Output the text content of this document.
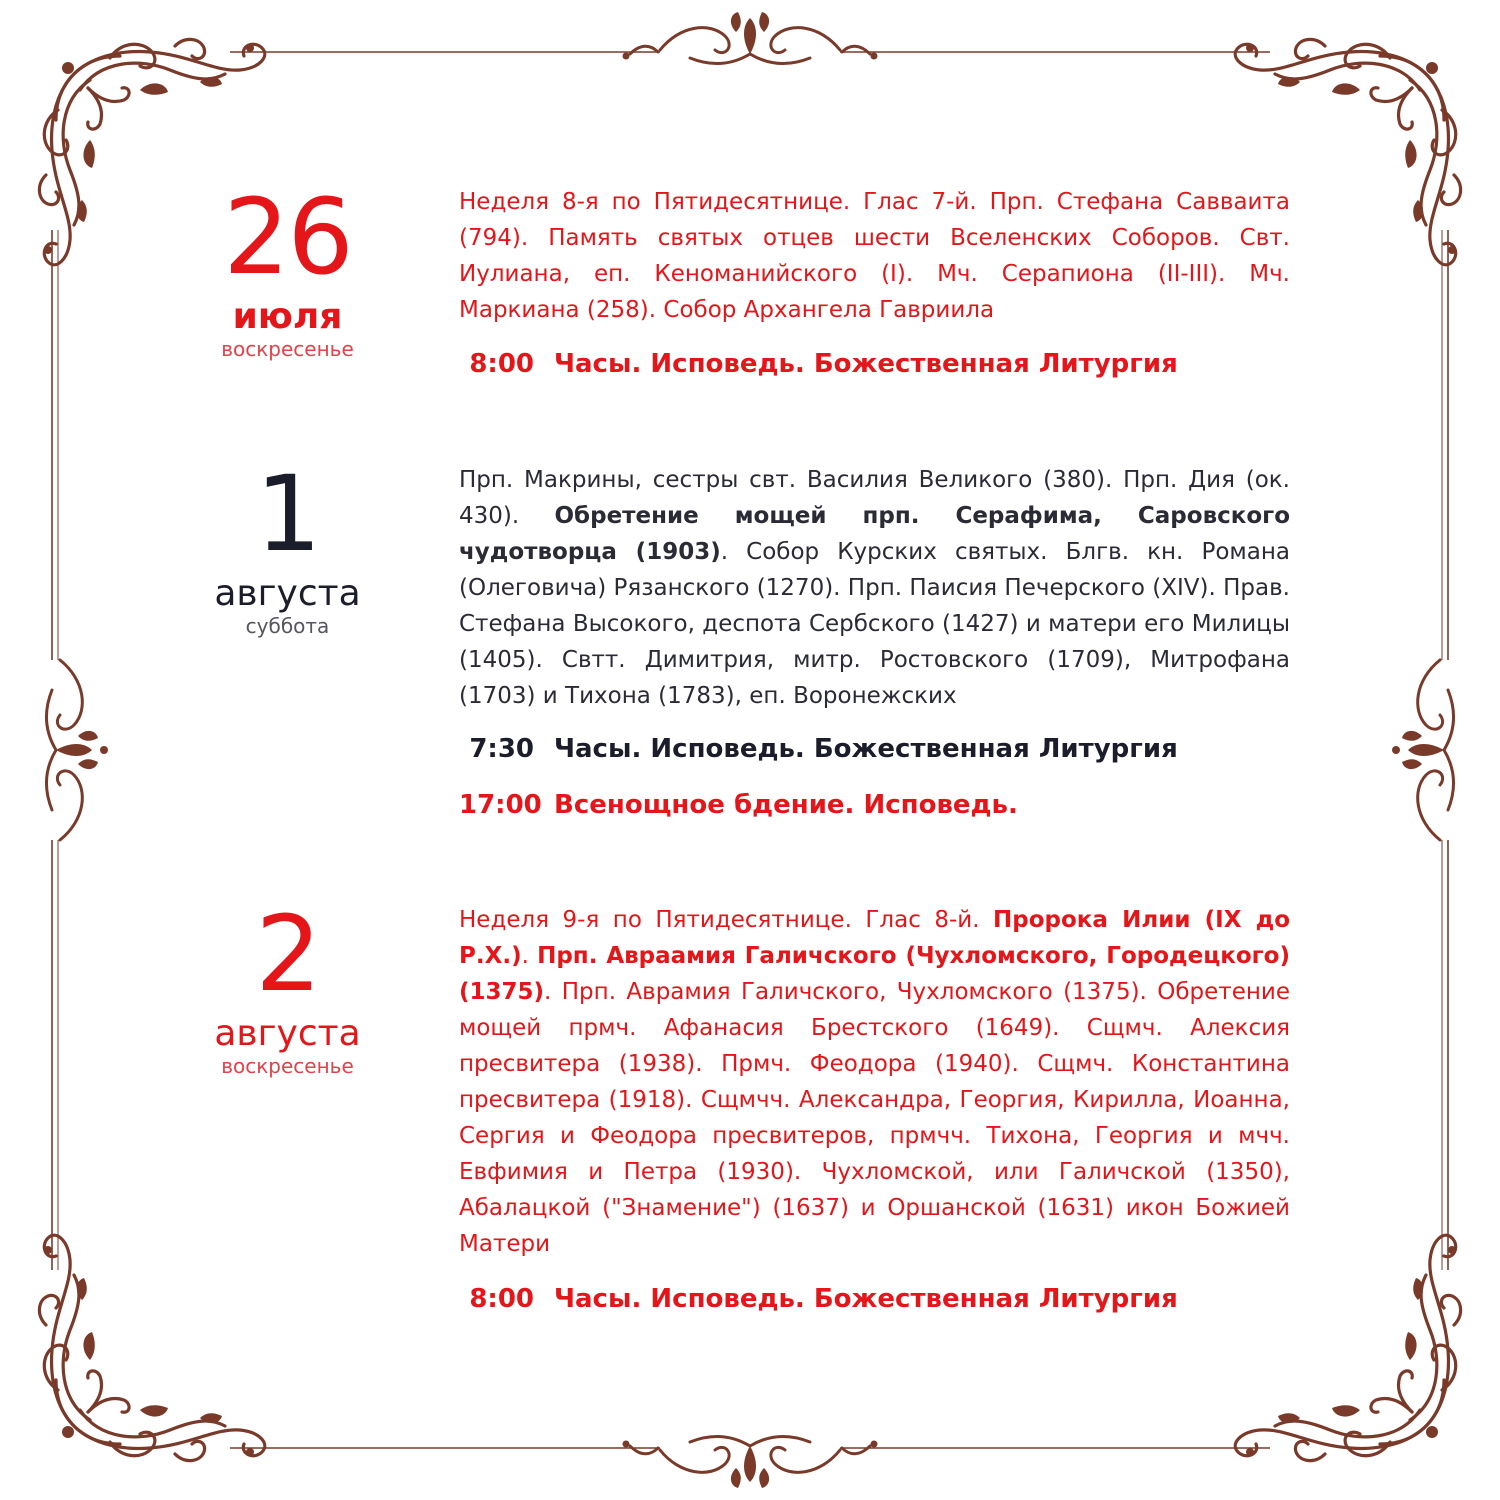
26
июля
воскресенье

Неделя 8-я по Пятидесятнице. Глас 7-й. Прп. Стефана Савваита (794). Память святых отцев шести Вселенских Соборов. Свт. Иулиана, еп. Кеноманийского (I). Мч. Серапиона (II-III). Мч. Маркиана (258). Собор Архангела Гавриила

8:00 Часы. Исповедь. Божественная Литургия
1
августа
суббота

Прп. Макрины, сестры свт. Василия Великого (380). Прп. Дия (ок. 430). Обретение мощей прп. Серафима, Саровского чудотворца (1903). Собор Курских святых. Блгв. кн. Романа (Олеговича) Рязанского (1270). Прп. Паисия Печерского (XIV). Прав. Стефана Высокого, деспота Сербского (1427) и матери его Милицы (1405). Свтт. Димитрия, митр. Ростовского (1709), Митрофана (1703) и Тихона (1783), еп. Воронежских

7:30 Часы. Исповедь. Божественная Литургия
17:00 Всенощное бдение. Исповедь.
2
августа
воскресенье

Неделя 9-я по Пятидесятнице. Глас 8-й. Пророка Илии (IX до Р.Х.). Прп. Авраамия Галичского (Чухломского, Городецкого) (1375). Прп. Аврамия Галичского, Чухломского (1375). Обретение мощей прмч. Афанасия Брестского (1649). Сщмч. Алексия пресвитера (1938). Прмч. Феодора (1940). Сщмч. Константина пресвитера (1918). Сщмчч. Александра, Георгия, Кирилла, Иоанна, Сергия и Феодора пресвитеров, прмчч. Тихона, Георгия и мчч. Евфимия и Петра (1930). Чухломской, или Галичской (1350), Абалацкой ("Знамение") (1637) и Оршанской (1631) икон Божией Матери

8:00 Часы. Исповедь. Божественная Литургия
